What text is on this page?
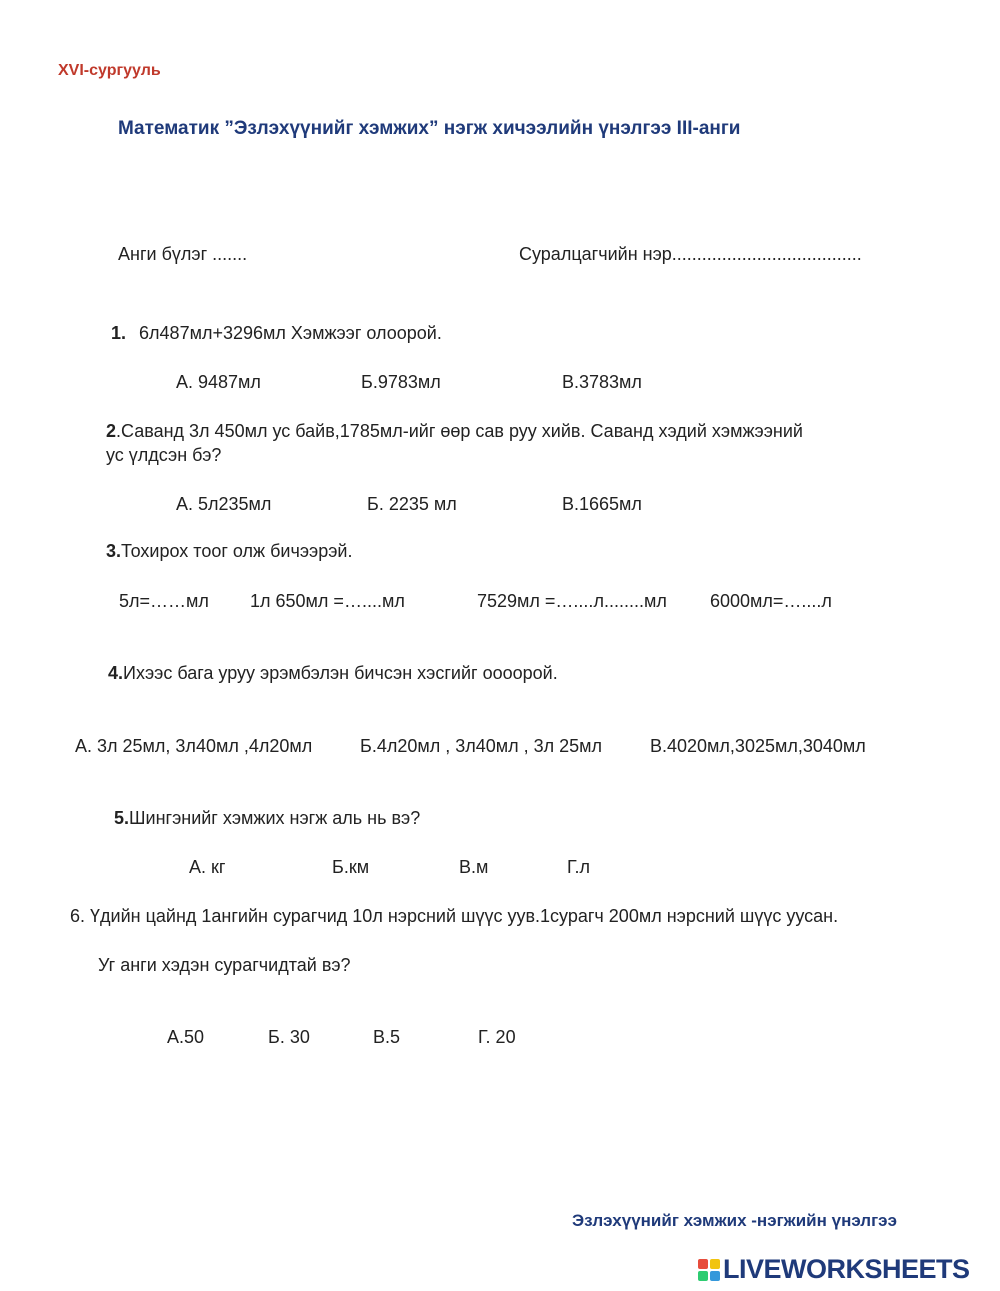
XVI-сургууль
Математик ”Эзлэхүүнийг хэмжих” нэгж хичээлийн үнэлгээ III-анги
Анги бүлэг .......	Суралцагчийн нэр......................................
1. 6л487мл+3296мл Хэмжээг олоорой.
А. 9487мл	Б.9783мл	В.3783мл
2.Саванд 3л 450мл ус байв,1785мл-ийг өөр сав руу хийв. Саванд хэдий хэмжээний
ус үлдсэн бэ?
А. 5л235мл	Б. 2235 мл	В.1665мл
3.Тохирох тоог олж бичээрэй.
5л=……мл 1л 650мл =…....мл	7529мл =…....л........мл 6000мл=…....л
4.Ихээс бага уруу эрэмбэлэн бичсэн хэсгийг оооорой.
А. 3л 25мл, 3л40мл ,4л20мл	Б.4л20мл , 3л40мл , 3л 25мл	В.4020мл,3025мл,3040мл
5.Шингэнийг хэмжих нэгж аль нь вэ?
А. кг	Б.км	В.м	Г.л
6. Үдийн цайнд 1ангийн сурагчид 10л нэрсний шүүс уув.1сурагч 200мл нэрсний шүүс уусан.
Уг анги хэдэн сурагчидтай вэ?
А.50	Б. 30	В.5	Г. 20
Эзлэхүүнийг хэмжих -нэгжийн үнэлгээ
LIVEWORKSHEETS
